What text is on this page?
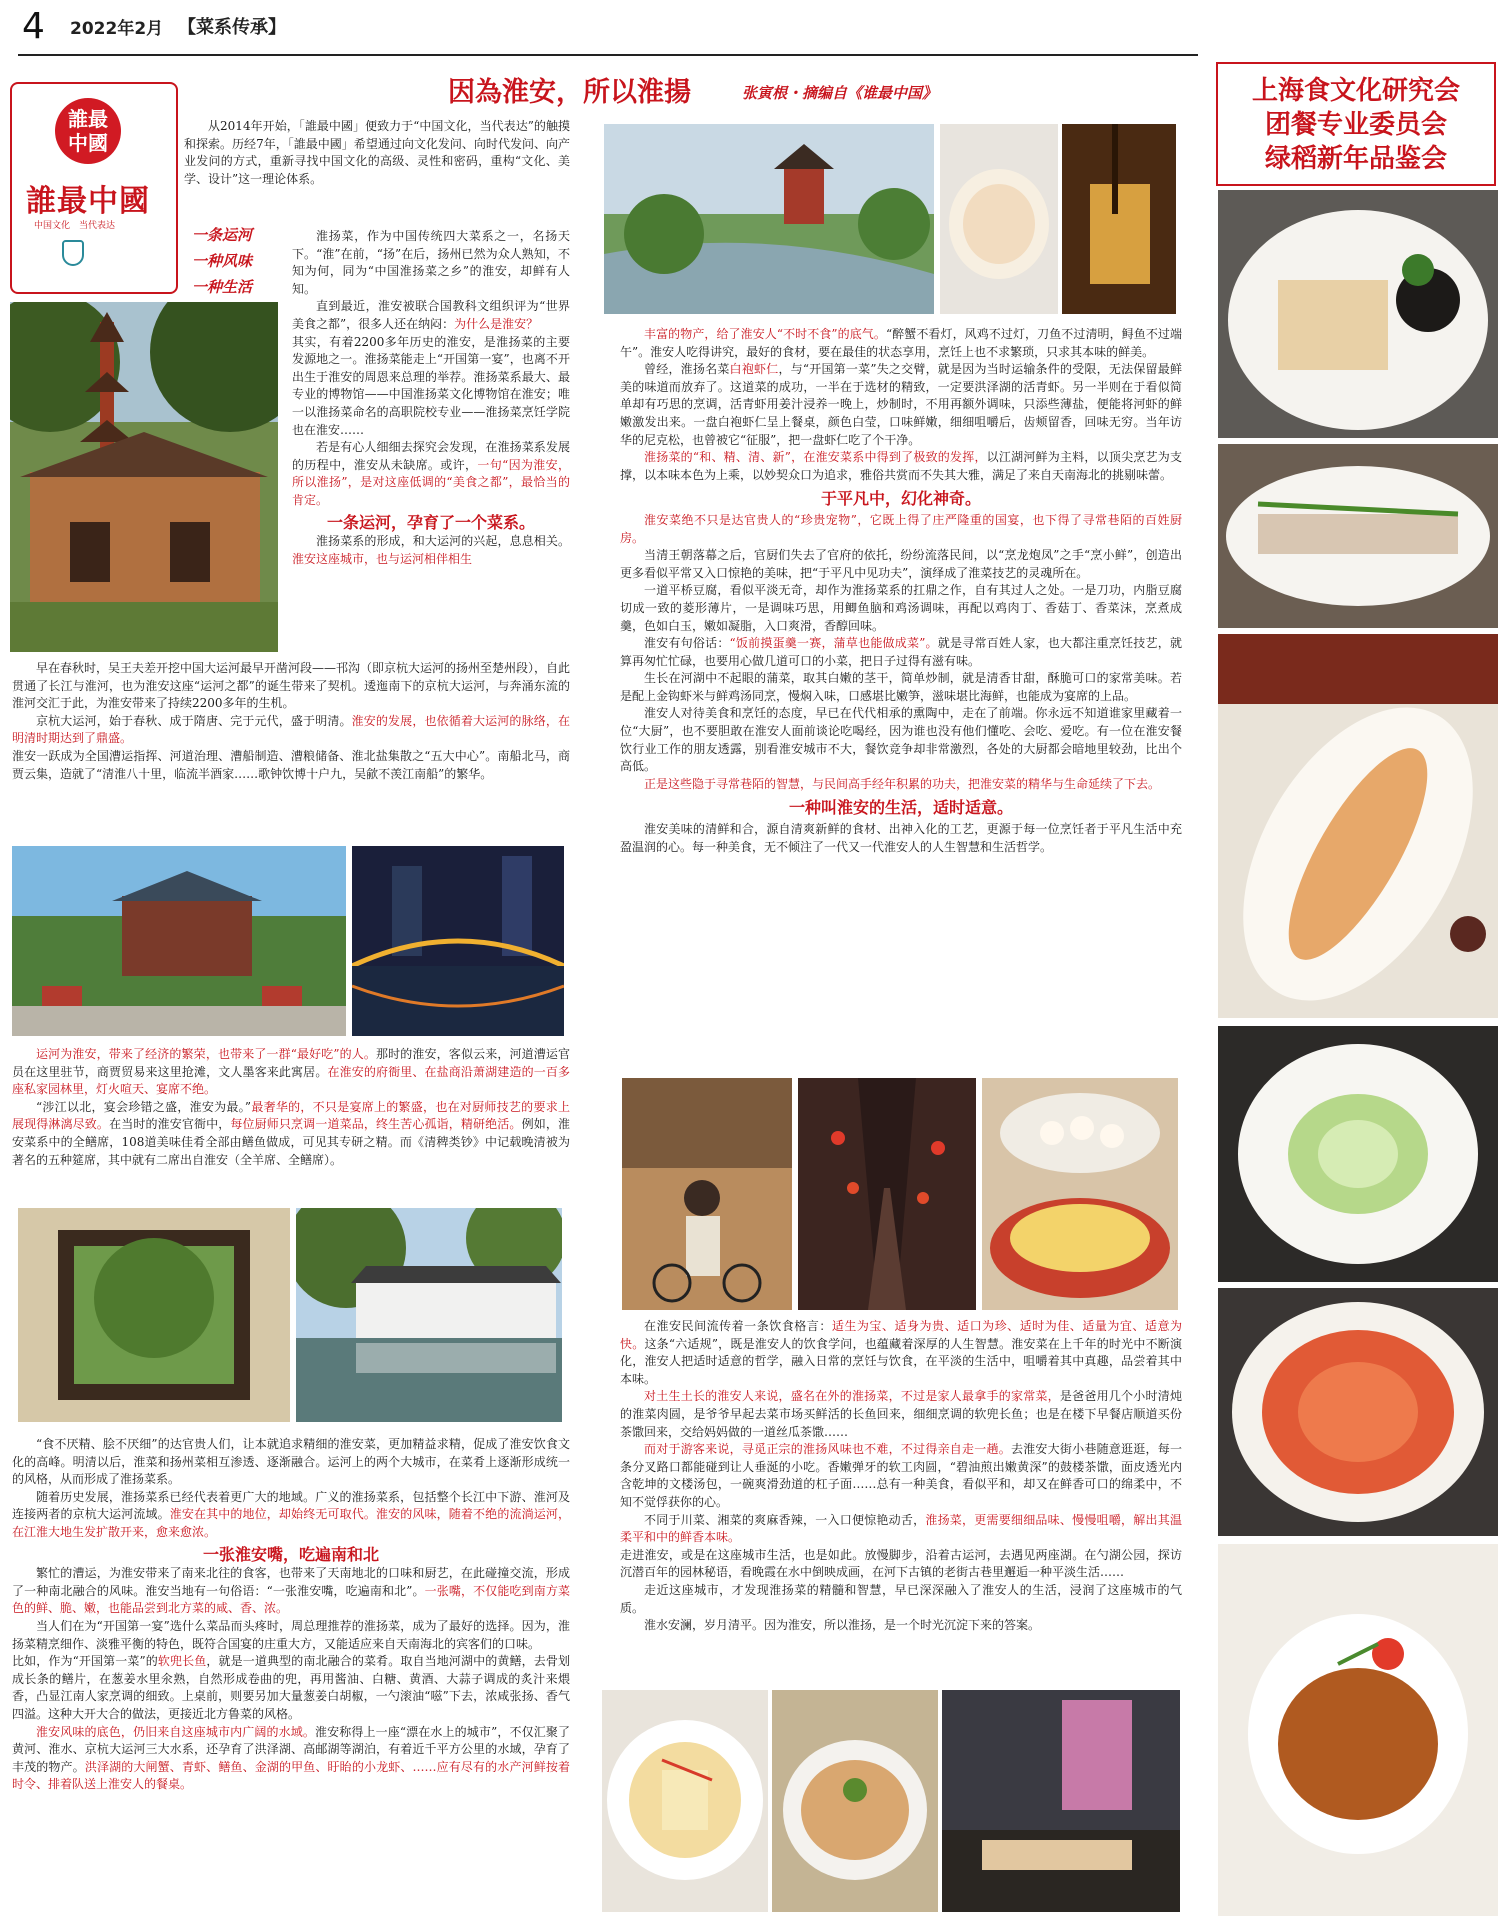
4 2022年2月 【菜系传承】
誰最
中國
誰最中國
中国文化　当代表达	一条运河
一种风味
一种生活
因為淮安，所以淮揚	张寅根・摘编自《谁最中国》

从2014年开始，「誰最中國」便致力于“中国文化，当代表达”的触摸和探索。历经7年，「誰最中國」希望通过向文化发问、向时代发问、向产业发问的方式，重新寻找中国文化的高级、灵性和密码，重构“文化、美学、设计”这一理论体系。

淮扬菜，作为中国传统四大菜系之一，名扬天下。“淮”在前，“扬”在后，扬州已然为众人熟知，不知为何，同为“中国淮扬菜之乡”的淮安，却鲜有人知。

直到最近，淮安被联合国教科文组织评为“世界美食之都”，很多人还在纳闷：为什么是淮安？

其实，有着2200多年历史的淮安，是淮扬菜的主要发源地之一。淮扬菜能走上“开国第一宴”，也离不开出生于淮安的周恩来总理的举荐。淮扬菜系最大、最专业的博物馆——中国淮扬菜文化博物馆在淮安；唯一以淮扬菜命名的高职院校专业——淮扬菜烹饪学院也在淮安……

若是有心人细细去探究会发现，在淮扬菜系发展的历程中，淮安从未缺席。或许，一句“因为淮安，所以淮扬”，是对这座低调的“美食之都”，最恰当的肯定。

一条运河，孕育了一个菜系。

淮扬菜系的形成，和大运河的兴起，息息相关。淮安这座城市，也与运河相伴相生

早在春秋时，吴王夫差开挖中国大运河最早开凿河段——邗沟（即京杭大运河的扬州至楚州段），自此贯通了长江与淮河，也为淮安这座“运河之都”的诞生带来了契机。逶迤南下的京杭大运河，与奔涌东流的淮河交汇于此，为淮安带来了持续2200多年的生机。

京杭大运河，始于春秋、成于隋唐、完于元代，盛于明清。淮安的发展，也依循着大运河的脉络，在明清时期达到了鼎盛。

淮安一跃成为全国漕运指挥、河道治理、漕船制造、漕粮储备、淮北盐集散之“五大中心”。南船北马，商贾云集，造就了“清淮八十里，临流半酒家……歌钟饮博十户九，吴歈不羡江南船”的繁华。

运河为淮安，带来了经济的繁荣，也带来了一群“最好吃”的人。那时的淮安，客似云来，河道漕运官员在这里驻节，商贾贸易来这里抢滩，文人墨客来此寓居。在淮安的府衙里、在盐商沿萧湖建造的一百多座私家园林里，灯火喧天、宴席不绝。

“涉江以北，宴会珍错之盛，淮安为最。”最奢华的，不只是宴席上的繁盛，也在对厨师技艺的要求上展现得淋漓尽致。在当时的淮安官衙中，每位厨师只烹调一道菜品，终生苦心孤诣，精研绝活。例如，淮安菜系中的全鳝席，108道美味佳肴全部由鳝鱼做成，可见其专研之精。而《清稗类钞》中记载晚清被为著名的五种筵席，其中就有二席出自淮安（全羊席、全鳝席）。

“食不厌精、脍不厌细”的达官贵人们，让本就追求精细的淮安菜，更加精益求精，促成了淮安饮食文化的高峰。明清以后，淮菜和扬州菜相互渗透、逐渐融合。运河上的两个大城市，在菜肴上逐渐形成统一的风格，从而形成了淮扬菜系。

随着历史发展，淮扬菜系已经代表着更广大的地域。广义的淮扬菜系，包括整个长江中下游、淮河及连接两者的京杭大运河流域。淮安在其中的地位，却始终无可取代。淮安的风味，随着不绝的流淌运河，在江淮大地生发扩散开来，愈来愈浓。

一张淮安嘴，吃遍南和北

繁忙的漕运，为淮安带来了南来北往的食客，也带来了天南地北的口味和厨艺，在此碰撞交流，形成了一种南北融合的风味。淮安当地有一句俗语：“一张淮安嘴，吃遍南和北”。一张嘴，不仅能吃到南方菜色的鲜、脆、嫩，也能品尝到北方菜的咸、香、浓。

当人们在为“开国第一宴”选什么菜品而头疼时，周总理推荐的淮扬菜，成为了最好的选择。因为，淮扬菜精烹细作、淡雅平衡的特色，既符合国宴的庄重大方，又能适应来自天南海北的宾客们的口味。

比如，作为“开国第一菜”的软兜长鱼，就是一道典型的南北融合的菜肴。取自当地河湖中的黄鳝，去骨划成长条的鳝片，在葱姜水里氽熟，自然形成卷曲的兜，再用酱油、白糖、黄酒、大蒜子调成的炙汁来煨香，凸显江南人家烹调的细致。上桌前，则要另加大量葱姜白胡椒，一勺滚油“嗞”下去，浓咸张扬、香气四溢。这种大开大合的做法，更接近北方鲁菜的风格。

淮安风味的底色，仍旧来自这座城市内广阔的水域。淮安称得上一座“漂在水上的城市”，不仅汇聚了黄河、淮水、京杭大运河三大水系，还孕育了洪泽湖、高邮湖等湖泊，有着近千平方公里的水域，孕育了丰茂的物产。洪泽湖的大闸蟹、青虾、鳝鱼、金湖的甲鱼、盱眙的小龙虾、……应有尽有的水产河鲜按着时令、排着队送上淮安人的餐桌。

丰富的物产，给了淮安人“不时不食”的底气。“醉蟹不看灯，风鸡不过灯，刀鱼不过清明，鲟鱼不过端午”。淮安人吃得讲究，最好的食材，要在最佳的状态享用，烹饪上也不求繁琐，只求其本味的鲜美。

曾经，淮扬名菜白袍虾仁，与“开国第一菜”失之交臂，就是因为当时运输条件的受限，无法保留最鲜美的味道而放弃了。这道菜的成功，一半在于选材的精致，一定要洪泽湖的活青虾。另一半则在于看似简单却有巧思的烹调，活青虾用姜汁浸养一晚上，炒制时，不用再额外调味，只添些薄盐，便能将河虾的鲜嫩激发出来。一盘白袍虾仁呈上餐桌，颜色白莹，口味鲜嫩，细细咀嚼后，齿颊留香，回味无穷。当年访华的尼克松，也曾被它“征服”，把一盘虾仁吃了个干净。

淮扬菜的“和、精、清、新”，在淮安菜系中得到了极致的发挥，以江湖河鲜为主料，以顶尖烹艺为支撑，以本味本色为上乘，以妙契众口为追求，雅俗共赏而不失其大雅，满足了来自天南海北的挑剔味蕾。

于平凡中，幻化神奇。

淮安菜绝不只是达官贵人的“珍贵宠物”，它既上得了庄严隆重的国宴，也下得了寻常巷陌的百姓厨房。

当清王朝落幕之后，官厨们失去了官府的依托，纷纷流落民间，以“烹龙炮凤”之手“烹小鲜”，创造出更多看似平常又入口惊艳的美味，把“于平凡中见功夫”，演绎成了淮菜技艺的灵魂所在。

一道平桥豆腐，看似平淡无奇，却作为淮扬菜系的扛鼎之作，自有其过人之处。一是刀功，内脂豆腐切成一致的菱形薄片，一是调味巧思，用鲫鱼脑和鸡汤调味，再配以鸡肉丁、香菇丁、香菜沫，烹煮成羹，色如白玉，嫩如凝脂，入口爽滑，香醇回味。

淮安有句俗话：“饭前摸蛋羹一赛，蒲草也能做成菜”。就是寻常百姓人家，也大都注重烹饪技艺，就算再匆忙忙碌，也要用心做几道可口的小菜，把日子过得有滋有味。

生长在河湖中不起眼的蒲菜，取其白嫩的茎干，简单炒制，就是清香甘甜，酥脆可口的家常美味。若是配上金钩虾米与鲜鸡汤同烹，慢焖入味，口感堪比嫩笋，滋味堪比海鲜，也能成为宴席的上品。

淮安人对待美食和烹饪的态度，早已在代代相承的熏陶中，走在了前端。你永远不知道谁家里藏着一位“大厨”，也不要胆敢在淮安人面前谈论吃喝经，因为谁也没有他们懂吃、会吃、爱吃。有一位在淮安餐饮行业工作的朋友透露，别看淮安城市不大，餐饮竞争却非常激烈，各处的大厨都会暗地里较劲，比出个高低。

正是这些隐于寻常巷陌的智慧，与民间高手经年积累的功夫，把淮安菜的精华与生命延续了下去。

一种叫淮安的生活，适时适意。

淮安美味的清鲜和合，源自清爽新鲜的食材、出神入化的工艺，更源于每一位烹饪者于平凡生活中充盈温润的心。每一种美食，无不倾注了一代又一代淮安人的人生智慧和生活哲学。

在淮安民间流传着一条饮食格言：适生为宝、适身为贵、适口为珍、适时为佳、适量为宜、适意为快。这条“六适规”，既是淮安人的饮食学问，也蕴藏着深厚的人生智慧。淮安菜在上千年的时光中不断演化，淮安人把适时适意的哲学，融入日常的烹饪与饮食，在平淡的生活中，咀嚼着其中真趣，品尝着其中本味。

对土生土长的淮安人来说，盛名在外的淮扬菜，不过是家人最拿手的家常菜，是爸爸用几个小时清炖的淮菜肉圆，是爷爷早起去菜市场买鲜活的长鱼回来，细细烹调的软兜长鱼；也是在楼下早餐店顺道买份茶馓回来，交给妈妈做的一道丝瓜茶馓……

而对于游客来说，寻觅正宗的淮扬风味也不难，不过得亲自走一趟。去淮安大街小巷随意逛逛，每一条分叉路口都能碰到让人垂涎的小吃。香嫩弹牙的软工肉圆，“碧油煎出嫩黄深”的鼓楼茶馓，面皮透光内含乾坤的文楼汤包，一碗爽滑劲道的杠子面……总有一种美食，看似平和，却又在鲜香可口的绵柔中，不知不觉俘获你的心。

不同于川菜、湘菜的爽麻香辣，一入口便惊艳动舌，淮扬菜，更需要细细品味、慢慢咀嚼，解出其温柔平和中的鲜香本味。

走进淮安，或是在这座城市生活，也是如此。放慢脚步，沿着古运河，去遇见两座湖。在勺湖公园，探访沉潜百年的园林秘语，看晚霞在水中倒映成画，在河下古镇的老街古巷里邂逅一种平淡生活……

走近这座城市，才发现淮扬菜的精髓和智慧，早已深深融入了淮安人的生活，浸润了这座城市的气质。

淮水安澜，岁月清平。因为淮安，所以淮扬，是一个时光沉淀下来的答案。

上海食文化研究会
团餐专业委员会
绿稻新年品鉴会
